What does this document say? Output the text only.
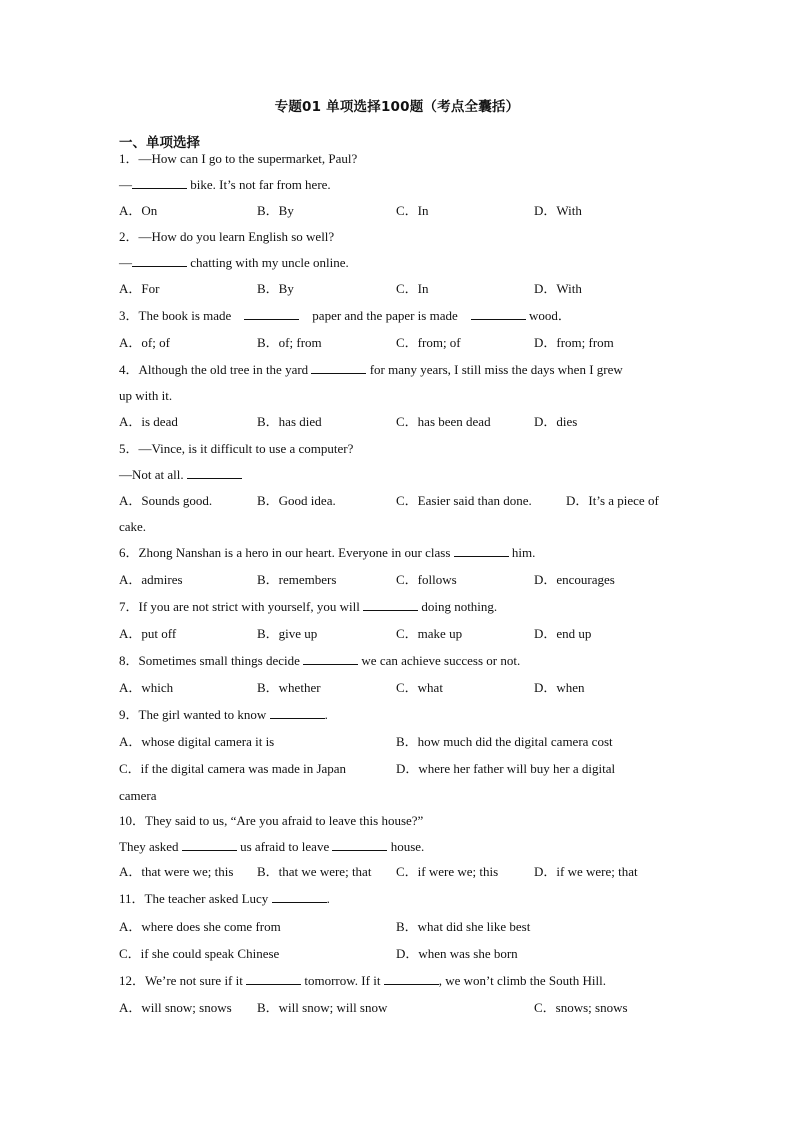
专题01 单项选择100题（考点全囊括）
一、单项选择
1．—How can I go to the supermarket, Paul?
—	bike. It’s not far from here.
A．On	B．By	C．In	D．With
2．—How do you learn English so well?
—	chatting with my uncle online.
A．For	B．By	C．In	D．With
3．The book is made	paper and the paper is made	wood．
A．of; of	B．of; from	C．from; of	D．from; from
4．Although the old tree in the yard	for many years, I still miss the days when I grew
up with it.
A．is dead	B．has died	C．has been dead	D．dies
5．—Vince, is it difficult to use a computer?
—Not at all.
A．Sounds good.	B．Good idea.	C．Easier said than done.	D．It’s a piece of
cake.
6．Zhong Nanshan is a hero in our heart. Everyone in our class	him.
A．admires	B．remembers	C．follows	D．encourages
7．If you are not strict with yourself, you will	doing nothing.
A．put off	B．give up	C．make up	D．end up
8．Sometimes small things decide	we can achieve success or not.
A．which	B．whether	C．what	D．when
9．The girl wanted to know	.
A．whose digital camera it is	B．how much did the digital camera cost
C．if the digital camera was made in Japan	D．where her father will buy her a digital
camera
10．They said to us, “Are you afraid to leave this house?”
They asked	us afraid to leave	house.
A．that were we; this B．that we were; that C．if were we; this	D．if we were; that
11．The teacher asked Lucy	.
A．where does she come from	B．what did she like best
C．if she could speak Chinese	D．when was she born
12．We’re not sure if it	tomorrow. If it	, we won’t climb the South Hill.
A．will snow; snows B．will snow; will snow	C．snows; snows
